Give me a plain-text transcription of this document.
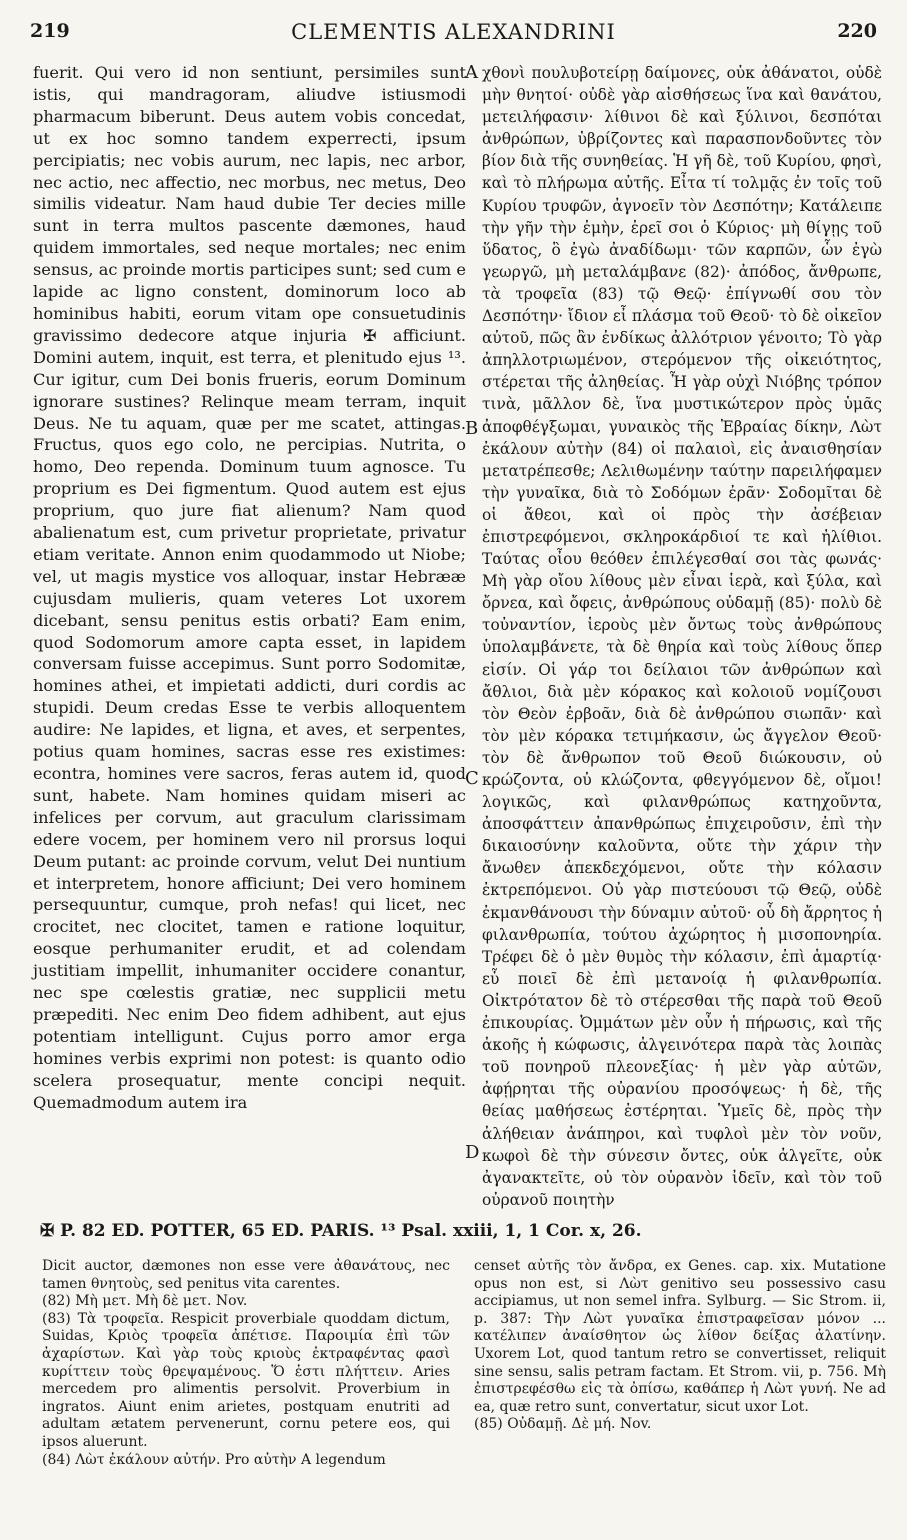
219	CLEMENTIS ALEXANDRINI	220

fuerit. Qui vero id non sentiunt, persimiles sunt istis, qui mandragoram, aliudve istiusmodi pharmacum biberunt. Deus autem vobis concedat, ut ex hoc somno tandem experrecti, ipsum percipiatis; nec vobis aurum, nec lapis, nec arbor, nec actio, nec affectio, nec morbus, nec metus, Deo similis videatur. Nam haud dubie Ter decies mille sunt in terra multos pascente dæmones, haud quidem immortales, sed neque mortales; nec enim sensus, ac proinde mortis participes sunt; sed cum e lapide ac ligno constent, dominorum loco ab hominibus habiti, eorum vitam ope consuetudinis gravissimo dedecore atque injuria ✠ afficiunt. Domini autem, inquit, est terra, et plenitudo ejus ¹³. Cur igitur, cum Dei bonis frueris, eorum Dominum ignorare sustines? Relinque meam terram, inquit Deus. Ne tu aquam, quæ per me scatet, attingas. Fructus, quos ego colo, ne percipias. Nutrita, o homo, Deo rependa. Dominum tuum agnosce. Tu proprium es Dei figmentum. Quod autem est ejus proprium, quo jure fiat alienum? Nam quod abalienatum est, cum privetur proprietate, privatur etiam veritate. Annon enim quodammodo ut Niobe; vel, ut magis mystice vos alloquar, instar Hebrææ cujusdam mulieris, quam veteres Lot uxorem dicebant, sensu penitus estis orbati? Eam enim, quod Sodomorum amore capta esset, in lapidem conversam fuisse accepimus. Sunt porro Sodomitæ, homines athei, et impietati addicti, duri cordis ac stupidi. Deum credas Esse te verbis alloquentem audire: Ne lapides, et ligna, et aves, et serpentes, potius quam homines, sacras esse res existimes: econtra, homines vere sacros, feras autem id, quod sunt, habete. Nam homines quidam miseri ac infelices per corvum, aut graculum clarissimam edere vocem, per hominem vero nil prorsus loqui Deum putant: ac proinde corvum, velut Dei nuntium et interpretem, honore afficiunt; Dei vero hominem persequuntur, cumque, proh nefas! qui licet, nec crocitet, nec clocitet, tamen e ratione loquitur, eosque perhumaniter erudit, et ad colendam justitiam impellit, inhumaniter occidere conantur, nec spe cœlestis gratiæ, nec supplicii metu præpediti. Nec enim Deo fidem adhibent, aut ejus potentiam intelligunt. Cujus porro amor erga homines verbis exprimi non potest: is quanto odio scelera prosequatur, mente concipi nequit. Quemadmodum autem ira

A
B
C
D

χθονὶ πουλυβοτείρῃ δαίμονες, οὐκ ἀθάνατοι, οὐδὲ μὴν θνητοί· οὐδὲ γὰρ αἰσθήσεως ἵνα καὶ θανάτου, μετειλήφασιν· λίθινοι δὲ καὶ ξύλινοι, δεσπόται ἀνθρώπων, ὑβρίζοντες καὶ παρασπονδοῦντες τὸν βίον διὰ τῆς συνηθείας. Ἡ γῆ δὲ, τοῦ Κυρίου, φησὶ, καὶ τὸ πλήρωμα αὐτῆς. Εἶτα τί τολμᾷς ἐν τοῖς τοῦ Κυρίου τρυφῶν, ἀγνοεῖν τὸν Δεσπότην; Κατάλειπε τὴν γῆν τὴν ἐμὴν, ἐρεῖ σοι ὁ Κύριος· μὴ θίγῃς τοῦ ὕδατος, ὃ ἐγὼ ἀναδίδωμι· τῶν καρπῶν, ὧν ἐγὼ γεωργῶ, μὴ μεταλάμβανε (82)· ἀπόδος, ἄνθρωπε, τὰ τροφεῖα (83) τῷ Θεῷ· ἐπίγνωθί σου τὸν Δεσπότην· ἴδιον εἶ πλάσμα τοῦ Θεοῦ· τὸ δὲ οἰκεῖον αὐτοῦ, πῶς ἂν ἐνδίκως ἀλλότριον γένοιτο; Τὸ γὰρ ἀπηλλοτριωμένον, στερόμενον τῆς οἰκειότητος, στέρεται τῆς ἀληθείας. Ἦ γὰρ οὐχὶ Νιόβης τρόπον τινὰ, μᾶλλον δὲ, ἵνα μυστικώτερον πρὸς ὑμᾶς ἀποφθέγξωμαι, γυναικὸς τῆς Ἑβραίας δίκην, Λὼτ ἐκάλουν αὐτὴν (84) οἱ παλαιοὶ, εἰς ἀναισθησίαν μετατρέπεσθε; Λελιθωμένην ταύτην παρειλήφαμεν τὴν γυναῖκα, διὰ τὸ Σοδόμων ἐρᾶν· Σοδομῖται δὲ οἱ ἄθεοι, καὶ οἱ πρὸς τὴν ἀσέβειαν ἐπιστρεφόμενοι, σκληροκάρδιοί τε καὶ ἠλίθιοι. Ταύτας οἶου θεόθεν ἐπιλέγεσθαί σοι τὰς φωνάς· Μὴ γὰρ οἴου λίθους μὲν εἶναι ἱερὰ, καὶ ξύλα, καὶ ὄρνεα, καὶ ὄφεις, ἀνθρώπους οὐδαμῇ (85)· πολὺ δὲ τοὐναντίον, ἱεροὺς μὲν ὄντως τοὺς ἀνθρώπους ὑπολαμβάνετε, τὰ δὲ θηρία καὶ τοὺς λίθους ὅπερ εἰσίν. Οἱ γάρ τοι δείλαιοι τῶν ἀνθρώπων καὶ ἄθλιοι, διὰ μὲν κόρακος καὶ κολοιοῦ νομίζουσι τὸν Θεὸν ἐρβοᾶν, διὰ δὲ ἀνθρώπου σιωπᾶν· καὶ τὸν μὲν κόρακα τετιμήκασιν, ὡς ἄγγελον Θεοῦ· τὸν δὲ ἄνθρωπον τοῦ Θεοῦ διώκουσιν, οὐ κρώζοντα, οὐ κλώζοντα, φθεγγόμενον δὲ, οἴμοι! λογικῶς, καὶ φιλανθρώπως κατηχοῦντα, ἀποσφάττειν ἀπανθρώπως ἐπιχειροῦσιν, ἐπὶ τὴν δικαιοσύνην καλοῦντα, οὔτε τὴν χάριν τὴν ἄνωθεν ἀπεκδεχόμενοι, οὔτε τὴν κόλασιν ἐκτρεπόμενοι. Οὐ γὰρ πιστεύουσι τῷ Θεῷ, οὐδὲ ἐκμανθάνουσι τὴν δύναμιν αὐτοῦ· οὗ δὴ ἄρρητος ἡ φιλανθρωπία, τούτου ἀχώρητος ἡ μισοπονηρία. Τρέφει δὲ ὁ μὲν θυμὸς τὴν κόλασιν, ἐπὶ ἁμαρτίᾳ· εὖ ποιεῖ δὲ ἐπὶ μετανοίᾳ ἡ φιλανθρωπία. Οἰκτρότατον δὲ τὸ στέρεσθαι τῆς παρὰ τοῦ Θεοῦ ἐπικουρίας. Ὀμμάτων μὲν οὖν ἡ πήρωσις, καὶ τῆς ἀκοῆς ἡ κώφωσις, ἀλγεινότερα παρὰ τὰς λοιπὰς τοῦ πονηροῦ πλεονεξίας· ἡ μὲν γὰρ αὐτῶν, ἀφῄρηται τῆς οὐρανίου προσόψεως· ἡ δὲ, τῆς θείας μαθήσεως ἐστέρηται. Ὑμεῖς δὲ, πρὸς τὴν ἀλήθειαν ἀνάπηροι, καὶ τυφλοὶ μὲν τὸν νοῦν, κωφοὶ δὲ τὴν σύνεσιν ὄντες, οὐκ ἀλγεῖτε, οὐκ ἀγανακτεῖτε, οὐ τὸν οὐρανὸν ἰδεῖν, καὶ τὸν τοῦ οὐρανοῦ ποιητὴν

✠ P. 82 ED. POTTER, 65 ED. PARIS. ¹³ Psal. xxiii, 1, 1 Cor. x, 26.

Dicit auctor, dæmones non esse vere ἀθανάτους, nec tamen θνητοὺς, sed penitus vita carentes.

(82) Μὴ μετ. Μὴ δὲ μετ. Nov.

(83) Τὰ τροφεῖα. Respicit proverbiale quoddam dictum, Suidas, Κριὸς τροφεῖα ἀπέτισε. Παροιμία ἐπὶ τῶν ἀχαρίστων. Καὶ γὰρ τοὺς κριοὺς ἐκτραφέντας φασὶ κυρίττειν τοὺς θρεψαμένους. Ὅ ἐστι πλήττειν. Aries mercedem pro alimentis persolvit. Proverbium in ingratos. Aiunt enim arietes, postquam enutriti ad adultam ætatem pervenerunt, cornu petere eos, qui ipsos aluerunt.

(84) Λὼτ ἐκάλουν αὐτήν. Pro αὐτὴν A legendum

censet αὐτῆς τὸν ἄνδρα, ex Genes. cap. xix. Mutatione opus non est, si Λὼτ genitivo seu possessivo casu accipiamus, ut non semel infra. Sylburg. — Sic Strom. ii, p. 387: Τὴν Λὼτ γυναῖκα ἐπιστραφεῖσαν μόνον ... κατέλιπεν ἀναίσθητον ὡς λίθον δείξας ἀλατίνην. Uxorem Lot, quod tantum retro se convertisset, reliquit sine sensu, salis petram factam. Et Strom. vii, p. 756. Μὴ ἐπιστρεφέσθω εἰς τὰ ὀπίσω, καθάπερ ἡ Λὼτ γυνή. Ne ad ea, quæ retro sunt, convertatur, sicut uxor Lot.

(85) Οὐδαμῇ. Δὲ μή. Nov.
